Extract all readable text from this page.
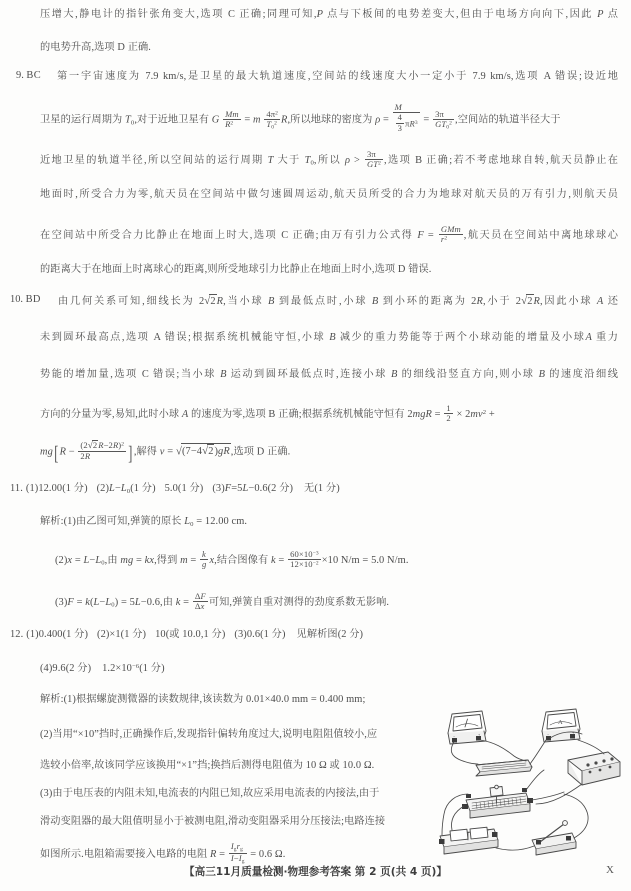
压增大,静电计的指针张角变大,选项 C 正确;同理可知,P 点与下板间的电势差变大,但由于电场方向向下,因此 P 点
的电势升高,选项 D 正确.
9. BC 第一宇宙速度为 7.9 km/s,是卫星的最大轨道速度,空间站的线速度大小一定小于 7.9 km/s,选项 A 错误;设近地
卫星的运行周期为 $T_0$,对于近地卫星有 G $\frac{Mm}{R^2} = m \frac{4\pi^2}{T_0^2} R$,所以地球的密度为 $\rho = \frac{M}{\frac{4}{3} \pi R^3} = \frac{3\pi}{GT_0^2}$ ,空间站的轨道半径大于
近地卫星的轨道半径,所以空间站的运行周期 T 大于 $T_0$,所以 $\rho > \frac{3\pi}{GT^2}$ ,选项 B 正确;若不考虑地球自转,航天员静止在
地面时,所受合力为零,航天员在空间站中做匀速圆周运动,航天员所受的合力为地球对航天员的万有引力,则航天员
在空间站中所受合力比静止在地面上时大,选项 C 正确;由万有引力公式得 $F = \frac{\text{GMm}}{r^2}$ ,航天员在空间站中离地球球心
的距离大于在地面上时离球心的距离,则所受地球引力比静止在地面上时小,选项 D 错误.
10. BD 由几何关系可知,细线长为 2√2R,当小球 B 到最低点时,小球 B 到小环的距离为 2R,小于 2√2R,因此小球 A 还
未到圆环最高点,选项 A 错误;根据系统机械能守恒,小球 B 减少的重力势能等于两个小球动能的增量及小球A 重力
势能的增加量,选项 C 错误;当小球 B 运动到圆环最低点时,连接小球 B 的细线沿竖直方向,则小球 B 的速度沿细线
方向的分量为零,易知,此时小球 A 的速度为零,选项 B 正确;根据系统机械能守恒有 $2mgR = \frac{1}{2} \times 2mv^2$ +
$mg[R - \frac{(2√2R-2R)^2}{2R}$ ],解得 v = √(7−4√2)gR,选项 D 正确.
11. (1)12.00(1 分) $(2)L-L_0(1$ 分) 5.0(1 分) (3)F=5L−0.6(2 分) 无(1 分)
解析:(1)由乙图可知,弹簧的原长 $L_0 = 12.00$ cm.
$(2)x = L-L_0$,由 mg = kx,得到 $m = \frac{k}{g} x$,结合图像有 $k = \frac{60\times 10^{-3}}{12\times 10^{-2}} \times 10$ N/m = 5.0 N/m.
$(3)F = k(L-L_0) = 5L-0.6$,由 $k = \frac{\Delta F}{\Delta x}$ 可知,弹簧自重对测得的劲度系数无影响.
12. (1)0.400(1 分) (2)×1(1 分) 10(或 10.0,1 分) (3)0.6(1 分) 见解析图(2 分)
(4)9.6(2 分) $1.2\times 10^{-6}(1$ 分)
解析:(1)根据螺旋测微器的读数规律,该读数为 0.01×40.0 mm = 0.400 mm;
(2)当用“×10”挡时,正确操作后,发现指针偏转角度过大,说明电阻阻值较小,应
选较小倍率,故该同学应该换用“×1”挡;换挡后测得电阻值为 10 Ω 或 10.0 Ω.
(3)由于电压表的内阻未知,电流表的内阻已知,故应采用电流表的内接法,由于
滑动变阻器的最大阻值明显小于被测电阻,滑动变阻器采用分压接法;电路连接
如图所示.电阻箱需要接入电路的电阻 $R = \frac{I_gr_g}{I-I_g} = 0.6$ Ω.
−	+
A
−	+
+
【高三11月质量检测·物理参考答案 第 2 页(共 4 页)】	X
